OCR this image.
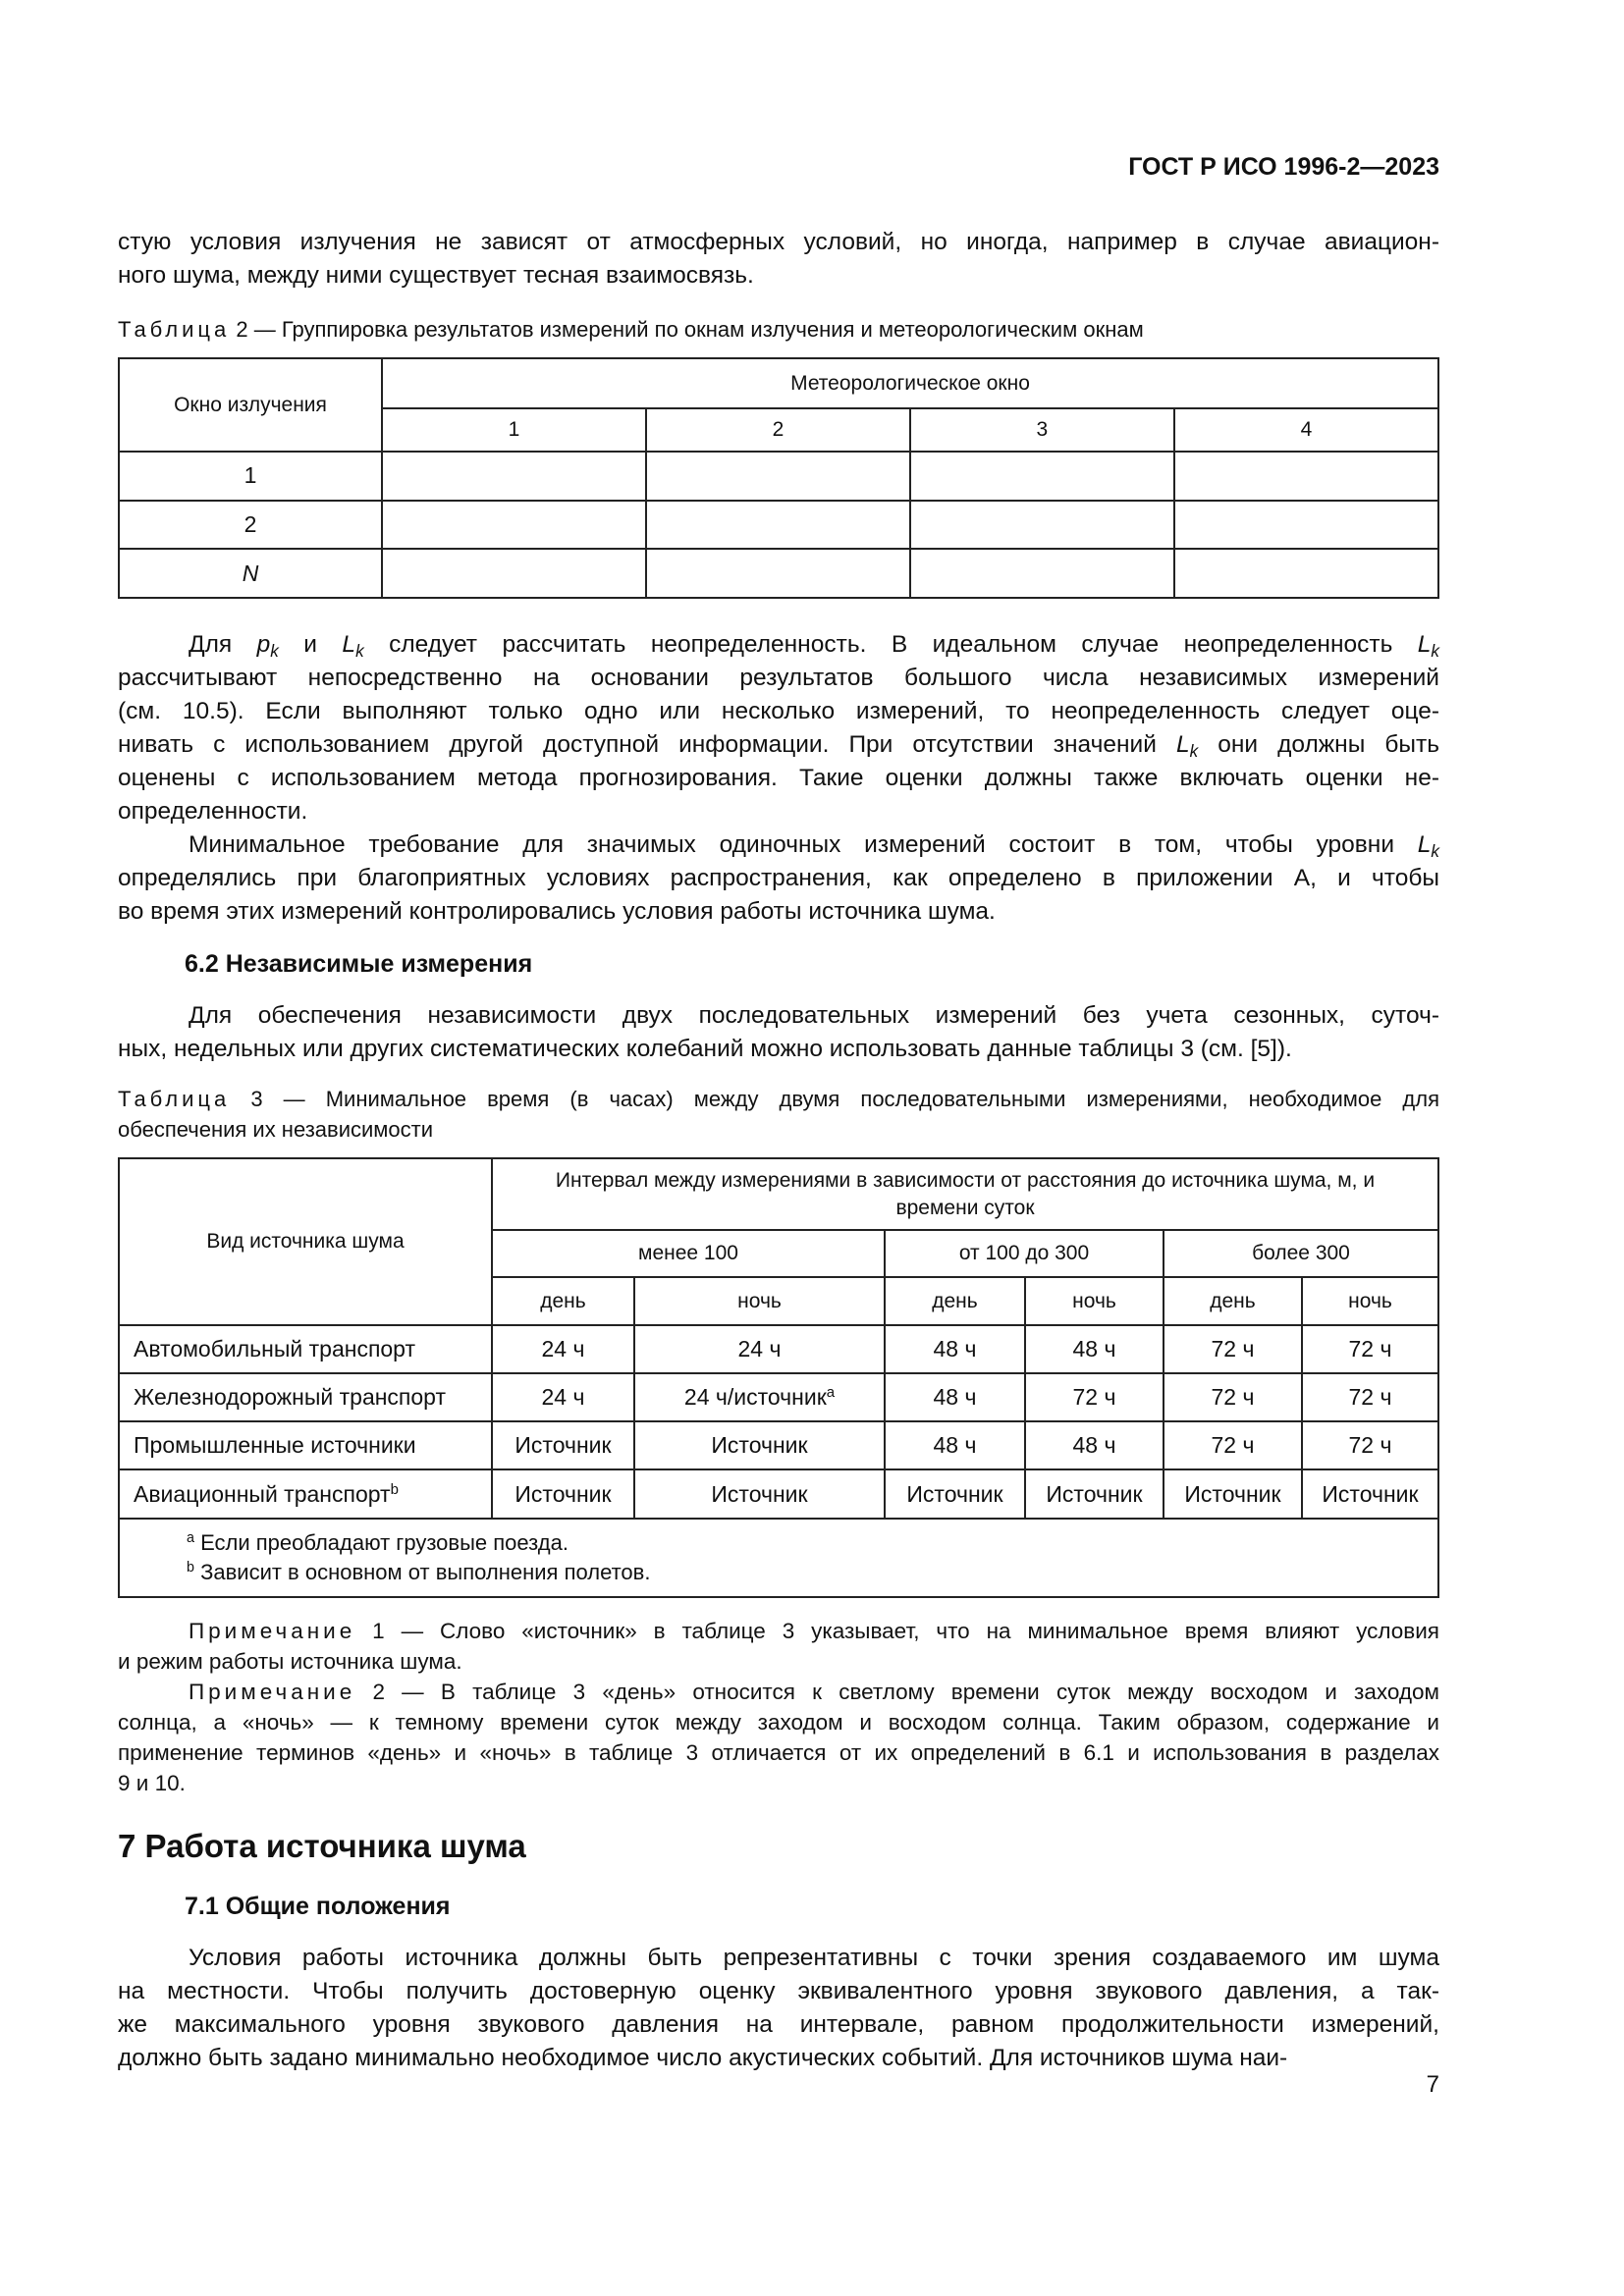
ГОСТ Р ИСО 1996-2—2023
стую условия излучения не зависят от атмосферных условий, но иногда, например в случае авиацион-
ного шума, между ними существует тесная взаимосвязь.
Таблица 2 — Группировка результатов измерений по окнам излучения и метеорологическим окнам
Окно излучения	Метеорологическое окно			
	1	2	3	4
1				
2				
N				
Для $p_k$ и $L_k$ следует рассчитать неопределенность. В идеальном случае неопределенность $L_k$
рассчитывают непосредственно на основании результатов большого числа независимых измерений
(см. 10.5). Если выполняют только одно или несколько измерений, то неопределенность следует оце-
нивать с использованием другой доступной информации. При отсутствии значений $L_k$ они должны быть
оценены с использованием метода прогнозирования. Такие оценки должны также включать оценки не-
определенности.
Минимальное требование для значимых одиночных измерений состоит в том, чтобы уровни $L_k$
определялись при благоприятных условиях распространения, как определено в приложении А, и чтобы
во время этих измерений контролировались условия работы источника шума.
6.2 Независимые измерения
Для обеспечения независимости двух последовательных измерений без учета сезонных, суточ-
ных, недельных или других систематических колебаний можно использовать данные таблицы 3 (см. [5]).
Таблица 3 — Минимальное время (в часах) между двумя последовательными измерениями, необходимое для
обеспечения их независимости
Вид источника шума	Интервал между измерениями в зависимости от расстояния до источника шума, м, и времени суток					
	менее 100		от 100 до 300		более 300	
	день	ночь	день	ночь	день	ночь
Автомобильный транспорт	24 ч	24 ч	48 ч	48 ч	72 ч	72 ч
Железнодорожный транспорт	24 ч	24 ч/источник$^a$	48 ч	72 ч	72 ч	72 ч
Промышленные источники	Источник	Источник	48 ч	48 ч	72 ч	72 ч
Авиационный транспорт$^b$	Источник	Источник	Источник	Источник	Источник	Источник

$^a$ Если преобладают грузовые поезда.
$^b$ Зависит в основном от выполнения полетов.						
Примечание 1 — Слово «источник» в таблице 3 указывает, что на минимальное время влияют условия
и режим работы источника шума.
Примечание 2 — В таблице 3 «день» относится к светлому времени суток между восходом и заходом
солнца, а «ночь» — к темному времени суток между заходом и восходом солнца. Таким образом, содержание и
применение терминов «день» и «ночь» в таблице 3 отличается от их определений в 6.1 и использования в разделах
9 и 10.
7 Работа источника шума
7.1 Общие положения
Условия работы источника должны быть репрезентативны с точки зрения создаваемого им шума
на местности. Чтобы получить достоверную оценку эквивалентного уровня звукового давления, а так-
же максимального уровня звукового давления на интервале, равном продолжительности измерений,
должно быть задано минимально необходимое число акустических событий. Для источников шума наи-
7
